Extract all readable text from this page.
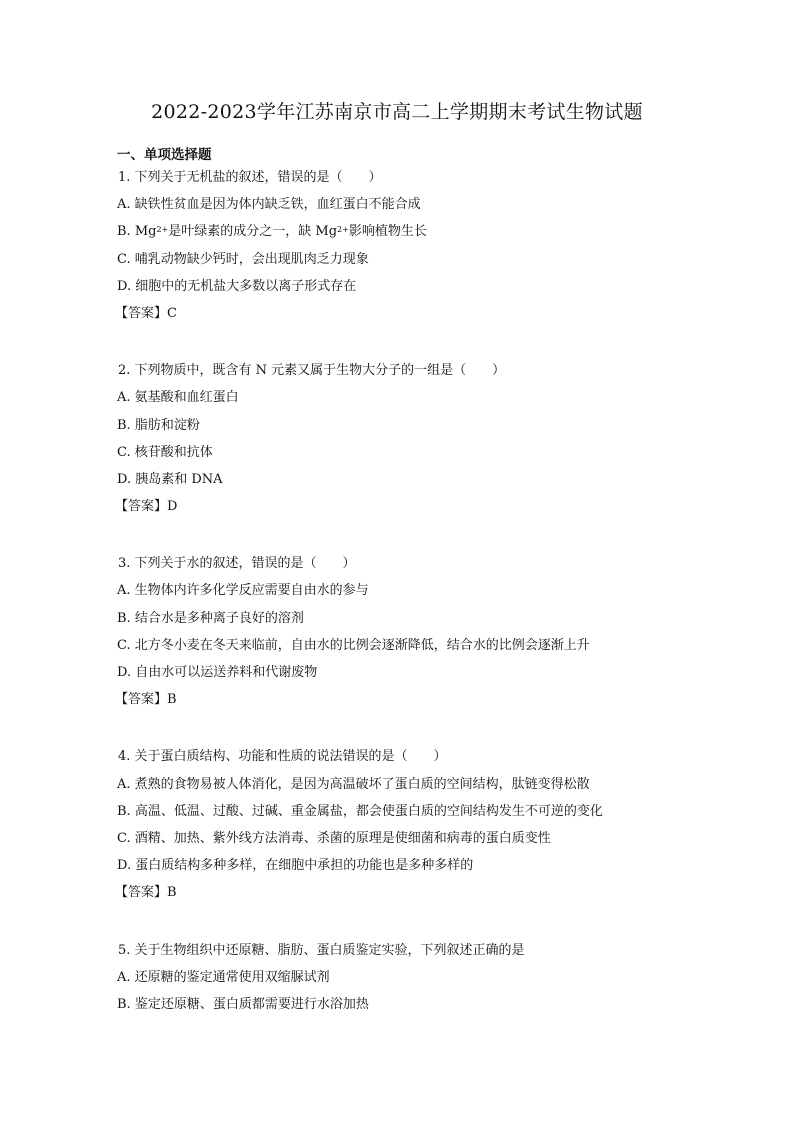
2022-2023学年江苏南京市高二上学期期末考试生物试题
一、单项选择题
1. 下列关于无机盐的叙述，错误的是（　　）
A. 缺铁性贫血是因为体内缺乏铁，血红蛋白不能合成
B. $Mg^{2+}$是叶绿素的成分之一，缺 $Mg^{2+}$影响植物生长
C. 哺乳动物缺少钙时，会出现肌肉乏力现象
D. 细胞中的无机盐大多数以离子形式存在
【答案】C
2. 下列物质中，既含有 N 元素又属于生物大分子的一组是（　　）
A. 氨基酸和血红蛋白
B. 脂肪和淀粉
C. 核苷酸和抗体
D. 胰岛素和 DNA
【答案】D
3. 下列关于水的叙述，错误的是（　　）
A. 生物体内许多化学反应需要自由水的参与
B. 结合水是多种离子良好的溶剂
C. 北方冬小麦在冬天来临前，自由水的比例会逐渐降低，结合水的比例会逐渐上升
D. 自由水可以运送养料和代谢废物
【答案】B
4. 关于蛋白质结构、功能和性质的说法错误的是（　　）
A. 煮熟的食物易被人体消化，是因为高温破坏了蛋白质的空间结构，肽链变得松散
B. 高温、低温、过酸、过碱、重金属盐，都会使蛋白质的空间结构发生不可逆的变化
C. 酒精、加热、紫外线方法消毒、杀菌的原理是使细菌和病毒的蛋白质变性
D. 蛋白质结构多种多样，在细胞中承担的功能也是多种多样的
【答案】B
5. 关于生物组织中还原糖、脂肪、蛋白质鉴定实验，下列叙述正确的是
A. 还原糖的鉴定通常使用双缩脲试剂
B. 鉴定还原糖、蛋白质都需要进行水浴加热
